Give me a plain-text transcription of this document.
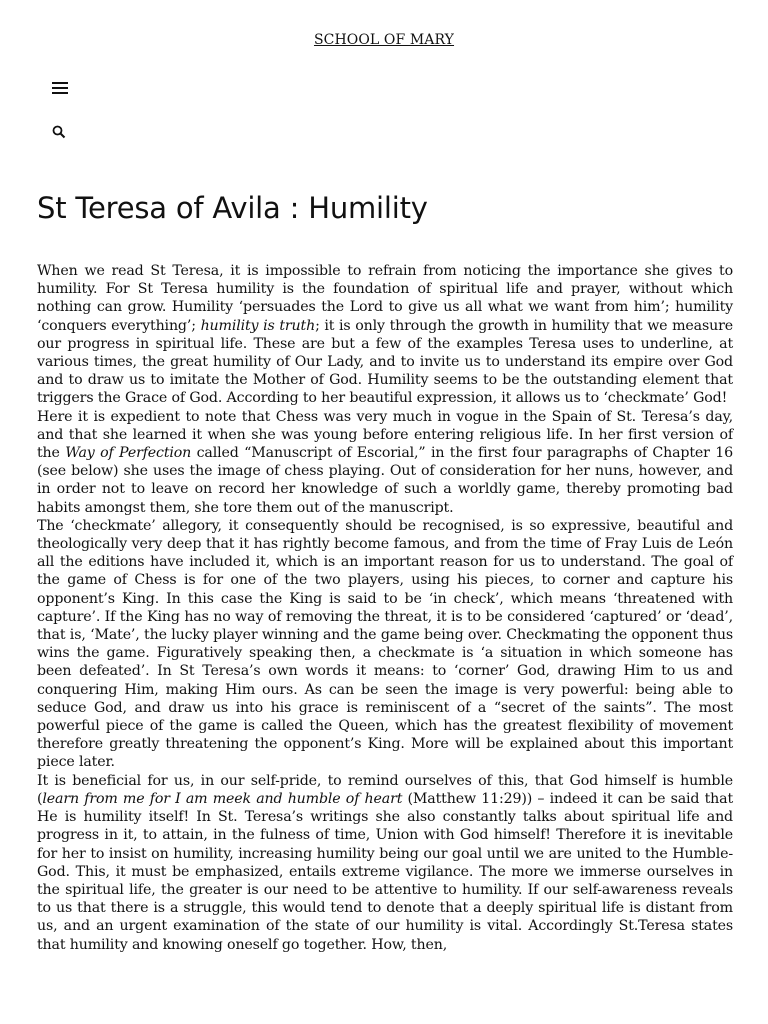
SCHOOL OF MARY
St Teresa of Avila : Humility

When we read St Teresa, it is impossible to refrain from noticing the importance she gives to humility. For St Teresa humility is the foundation of spiritual life and prayer, without which nothing can grow. Humility ‘persuades the Lord to give us all what we want from him’; humility ‘conquers everything’; humility is truth; it is only through the growth in humility that we measure our progress in spiritual life. These are but a few of the examples Teresa uses to underline, at various times, the great humility of Our Lady, and to invite us to understand its empire over God and to draw us to imitate the Mother of God. Humility seems to be the outstanding element that triggers the Grace of God. According to her beautiful expression, it allows us to ‘checkmate’ God!

Here it is expedient to note that Chess was very much in vogue in the Spain of St. Teresa’s day, and that she learned it when she was young before entering religious life. In her first version of the Way of Perfection called “Manuscript of Escorial,” in the first four paragraphs of Chapter 16 (see below) she uses the image of chess playing. Out of consideration for her nuns, however, and in order not to leave on record her knowledge of such a worldly game, thereby promoting bad habits amongst them, she tore them out of the manuscript.

The ‘checkmate’ allegory, it consequently should be recognised, is so expressive, beautiful and theologically very deep that it has rightly become famous, and from the time of Fray Luis de León all the editions have included it, which is an important reason for us to understand. The goal of the game of Chess is for one of the two players, using his pieces, to corner and capture his opponent’s King. In this case the King is said to be ‘in check’, which means ‘threatened with capture’. If the King has no way of removing the threat, it is to be considered ‘captured’ or ‘dead’, that is, ‘Mate’, the lucky player winning and the game being over. Checkmating the opponent thus wins the game. Figuratively speaking then, a checkmate is ‘a situation in which someone has been defeated’. In St Teresa’s own words it means: to ‘corner’ God, drawing Him to us and conquering Him, making Him ours. As can be seen the image is very powerful: being able to seduce God, and draw us into his grace is reminiscent of a “secret of the saints”. The most powerful piece of the game is called the Queen, which has the greatest flexibility of movement therefore greatly threatening the opponent’s King. More will be explained about this important piece later.

It is beneficial for us, in our self-pride, to remind ourselves of this, that God himself is humble (learn from me for I am meek and humble of heart (Matthew 11:29)) – indeed it can be said that He is humility itself! In St. Teresa’s writings she also constantly talks about spiritual life and progress in it, to attain, in the fulness of time, Union with God himself! Therefore it is inevitable for her to insist on humility, increasing humility being our goal until we are united to the Humble-God. This, it must be emphasized, entails extreme vigilance. The more we immerse ourselves in the spiritual life, the greater is our need to be attentive to humility. If our self-awareness reveals to us that there is a struggle, this would tend to denote that a deeply spiritual life is distant from us, and an urgent examination of the state of our humility is vital. Accordingly St.Teresa states that humility and knowing oneself go together. How, then,
